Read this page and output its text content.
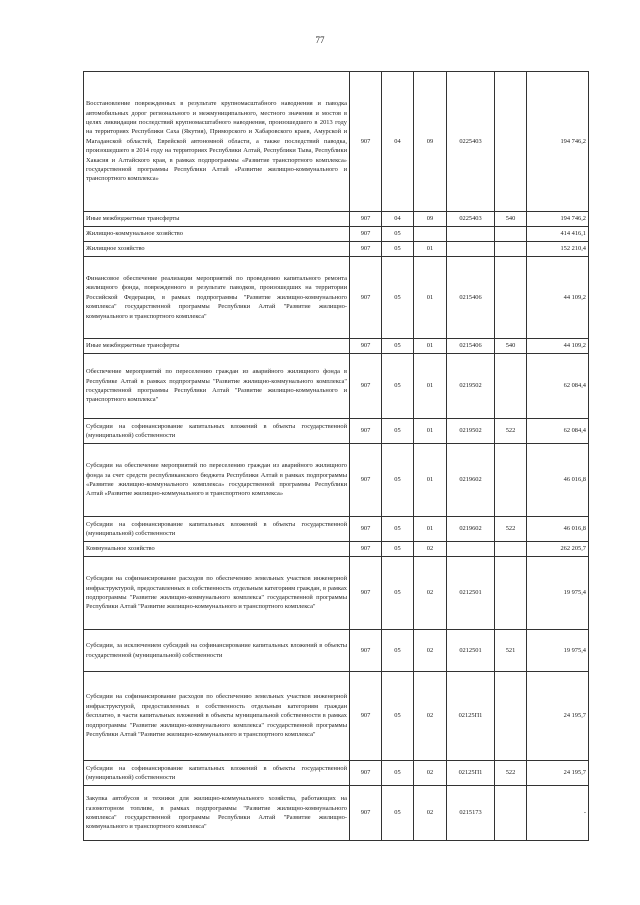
77
Восстановление поврежденных в результате крупномасштабного наводнения и паводка автомобильных дорог регионального и межмуниципального, местного значения и мостов в целях ликвидации последствий крупномасштабного наводнения, произошедшего в 2013 году на территориях Республики Саха (Якутия), Приморского и Хабаровского краев, Амурской и Магаданской областей, Еврейской автономной области, а также последствий паводка, произошедшего в 2014 году на территориях Республики Алтай, Республики Тыва, Республики Хакасия и Алтайского края, в рамках подпрограммы «Развитие транспортного комплекса» государственной программы Республики Алтай «Развитие жилищно-коммунального и транспортного комплекса»	907	04	09	0225403		194 746,2
Иные межбюджетные трансферты	907	04	09	0225403	540	194 746,2
Жилищно-коммунальное хозяйство	907	05				414 416,1
Жилищное хозяйство	907	05	01			152 210,4
Финансовое обеспечение реализации мероприятий по проведению капитального ремонта жилищного фонда, поврежденного в результате паводков, произошедших на территории Российской Федерации, в рамках подпрограммы "Развитие жилищно-коммунального комплекса" государственной программы Республики Алтай "Развитие жилищно-коммунального и транспортного комплекса"	907	05	01	0215406		44 109,2
Иные межбюджетные трансферты	907	05	01	0215406	540	44 109,2
Обеспечение мероприятий по переселению граждан из аварийного жилищного фонда в Республике Алтай в рамках подпрограммы "Развитие жилищно-коммунального комплекса" государственной программы Республики Алтай "Развитие жилищно-коммунального и транспортного комплекса"	907	05	01	0219502		62 084,4
Субсидии на софинансирование капитальных вложений в объекты государственной (муниципальной) собственности	907	05	01	0219502	522	62 084,4
Субсидии на обеспечение мероприятий по переселению граждан из аварийного жилищного фонда за счет средств республиканского бюджета Республики Алтай в рамках подпрограммы «Развитие жилищно-коммунального комплекса» государственной программы Республики Алтай «Развитие жилищно-коммунального и транспортного комплекса»	907	05	01	0219602		46 016,8
Субсидии на софинансирование капитальных вложений в объекты государственной (муниципальной) собственности	907	05	01	0219602	522	46 016,8
Коммунальное хозяйство	907	05	02			262 205,7
Субсидии на софинансирование расходов по обеспечению земельных участков инженерной инфраструктурой, предоставленных в собственность отдельным категориям граждан, в рамках подпрограммы "Развитие жилищно-коммунального комплекса" государственной программы Республики Алтай "Развитие жилищно-коммунального и транспортного комплекса"	907	05	02	0212501		19 975,4
Субсидии, за исключением субсидий на софинансирование капитальных вложений в объекты государственной (муниципальной) собственности	907	05	02	0212501	521	19 975,4
Субсидии на софинансирование расходов по обеспечению земельных участков инженерной инфраструктурой, предоставленных в собственность отдельным категориям граждан бесплатно, в части капитальных вложений в объекты муниципальной собственности в рамках подпрограммы "Развитие жилищно-коммунального комплекса" государственной программы Республики Алтай "Развитие жилищно-коммунального и транспортного комплекса"	907	05	02	02125П1		24 195,7
Субсидии на софинансирование капитальных вложений в объекты государственной (муниципальной) собственности	907	05	02	02125П1	522	24 195,7
Закупка автобусов и техники для жилищно-коммунального хозяйства, работающих на газомоторном топливе, в рамках подпрограммы "Развитие жилищно-коммунального комплекса" государственной программы Республики Алтай "Развитие жилищно-коммунального и транспортного комплекса"	907	05	02	0215173		-
